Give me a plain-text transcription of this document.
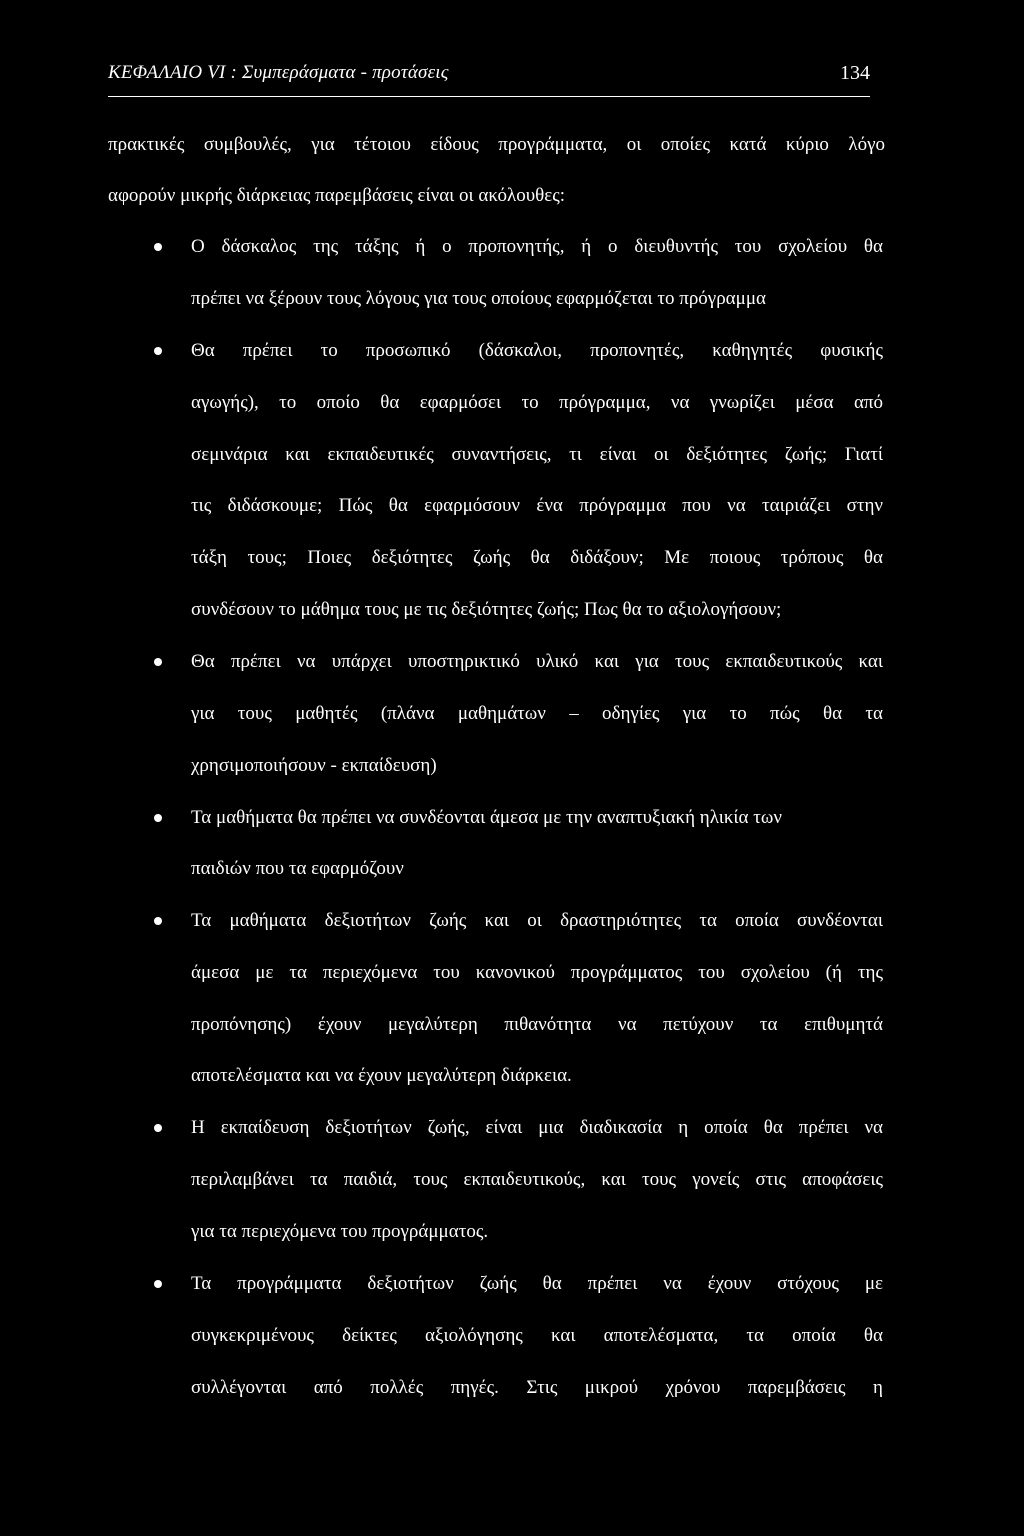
ΚΕΦΑΛΑΙΟ VI : Συμπεράσματα - προτάσεις	134
πρακτικές συμβουλές, για τέτοιου είδους προγράμματα, οι οποίες κατά κύριο λόγο
αφορούν μικρής διάρκειας παρεμβάσεις είναι οι ακόλουθες:
Ο δάσκαλος της τάξης ή ο προπονητής, ή ο διευθυντής του σχολείου θα
πρέπει να ξέρουν τους λόγους για τους οποίους εφαρμόζεται το πρόγραμμα
Θα πρέπει το προσωπικό (δάσκαλοι, προπονητές, καθηγητές φυσικής
αγωγής), το οποίο θα εφαρμόσει το πρόγραμμα, να γνωρίζει μέσα από
σεμινάρια και εκπαιδευτικές συναντήσεις, τι είναι οι δεξιότητες ζωής; Γιατί
τις διδάσκουμε; Πώς θα εφαρμόσουν ένα πρόγραμμα που να ταιριάζει στην
τάξη τους; Ποιες δεξιότητες ζωής θα διδάξουν; Με ποιους τρόπους θα
συνδέσουν το μάθημα τους με τις δεξιότητες ζωής; Πως θα το αξιολογήσουν;
Θα πρέπει να υπάρχει υποστηρικτικό υλικό και για τους εκπαιδευτικούς και
για τους μαθητές (πλάνα μαθημάτων – οδηγίες για το πώς θα τα
χρησιμοποιήσουν - εκπαίδευση)
Τα μαθήματα θα πρέπει να συνδέονται άμεσα με την αναπτυξιακή ηλικία των
παιδιών που τα εφαρμόζουν
Τα μαθήματα δεξιοτήτων ζωής και οι δραστηριότητες τα οποία συνδέονται
άμεσα με τα περιεχόμενα του κανονικού προγράμματος του σχολείου (ή της
προπόνησης) έχουν μεγαλύτερη πιθανότητα να πετύχουν τα επιθυμητά
αποτελέσματα και να έχουν μεγαλύτερη διάρκεια.
Η εκπαίδευση δεξιοτήτων ζωής, είναι μια διαδικασία η οποία θα πρέπει να
περιλαμβάνει τα παιδιά, τους εκπαιδευτικούς, και τους γονείς στις αποφάσεις
για τα περιεχόμενα του προγράμματος.
Τα προγράμματα δεξιοτήτων ζωής θα πρέπει να έχουν στόχους με
συγκεκριμένους δείκτες αξιολόγησης και αποτελέσματα, τα οποία θα
συλλέγονται από πολλές πηγές. Στις μικρού χρόνου παρεμβάσεις η
